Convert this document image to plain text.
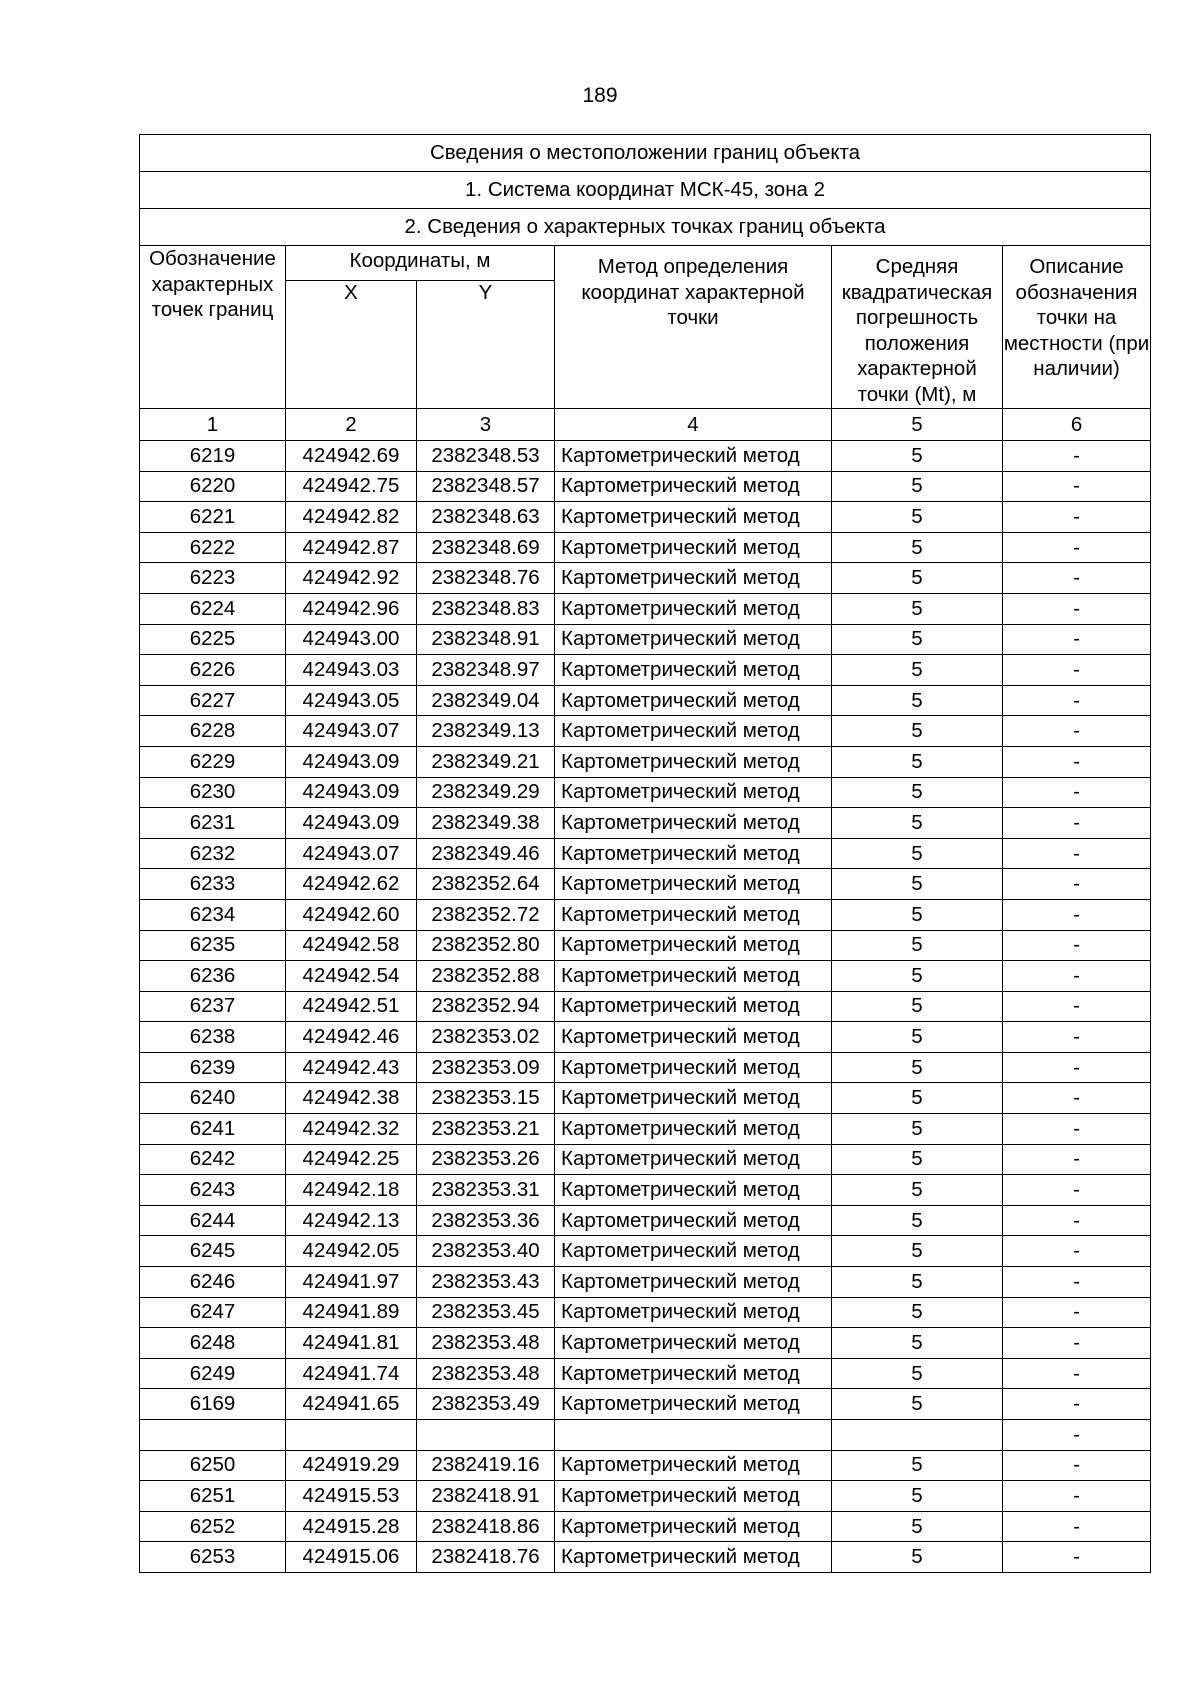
189
Сведения о местоположении границ объекта					
1. Система координат МСК-45, зона 2					
2. Сведения о характерных точках границ объекта					
Обозначение характерных точек границ	Координаты, м		Метод определения координат характерной точки	Средняя квадратическая погрешность положения характерной точки (Mt), м	Описание обозначения точки на местности (при наличии)
	X	Y			
1	2	3	4	5	6
6219	424942.69	2382348.53	Картометрический метод	5	-
6220	424942.75	2382348.57	Картометрический метод	5	-
6221	424942.82	2382348.63	Картометрический метод	5	-
6222	424942.87	2382348.69	Картометрический метод	5	-
6223	424942.92	2382348.76	Картометрический метод	5	-
6224	424942.96	2382348.83	Картометрический метод	5	-
6225	424943.00	2382348.91	Картометрический метод	5	-
6226	424943.03	2382348.97	Картометрический метод	5	-
6227	424943.05	2382349.04	Картометрический метод	5	-
6228	424943.07	2382349.13	Картометрический метод	5	-
6229	424943.09	2382349.21	Картометрический метод	5	-
6230	424943.09	2382349.29	Картометрический метод	5	-
6231	424943.09	2382349.38	Картометрический метод	5	-
6232	424943.07	2382349.46	Картометрический метод	5	-
6233	424942.62	2382352.64	Картометрический метод	5	-
6234	424942.60	2382352.72	Картометрический метод	5	-
6235	424942.58	2382352.80	Картометрический метод	5	-
6236	424942.54	2382352.88	Картометрический метод	5	-
6237	424942.51	2382352.94	Картометрический метод	5	-
6238	424942.46	2382353.02	Картометрический метод	5	-
6239	424942.43	2382353.09	Картометрический метод	5	-
6240	424942.38	2382353.15	Картометрический метод	5	-
6241	424942.32	2382353.21	Картометрический метод	5	-
6242	424942.25	2382353.26	Картометрический метод	5	-
6243	424942.18	2382353.31	Картометрический метод	5	-
6244	424942.13	2382353.36	Картометрический метод	5	-
6245	424942.05	2382353.40	Картометрический метод	5	-
6246	424941.97	2382353.43	Картометрический метод	5	-
6247	424941.89	2382353.45	Картометрический метод	5	-
6248	424941.81	2382353.48	Картометрический метод	5	-
6249	424941.74	2382353.48	Картометрический метод	5	-
6169	424941.65	2382353.49	Картометрический метод	5	-
					-
6250	424919.29	2382419.16	Картометрический метод	5	-
6251	424915.53	2382418.91	Картометрический метод	5	-
6252	424915.28	2382418.86	Картометрический метод	5	-
6253	424915.06	2382418.76	Картометрический метод	5	-
